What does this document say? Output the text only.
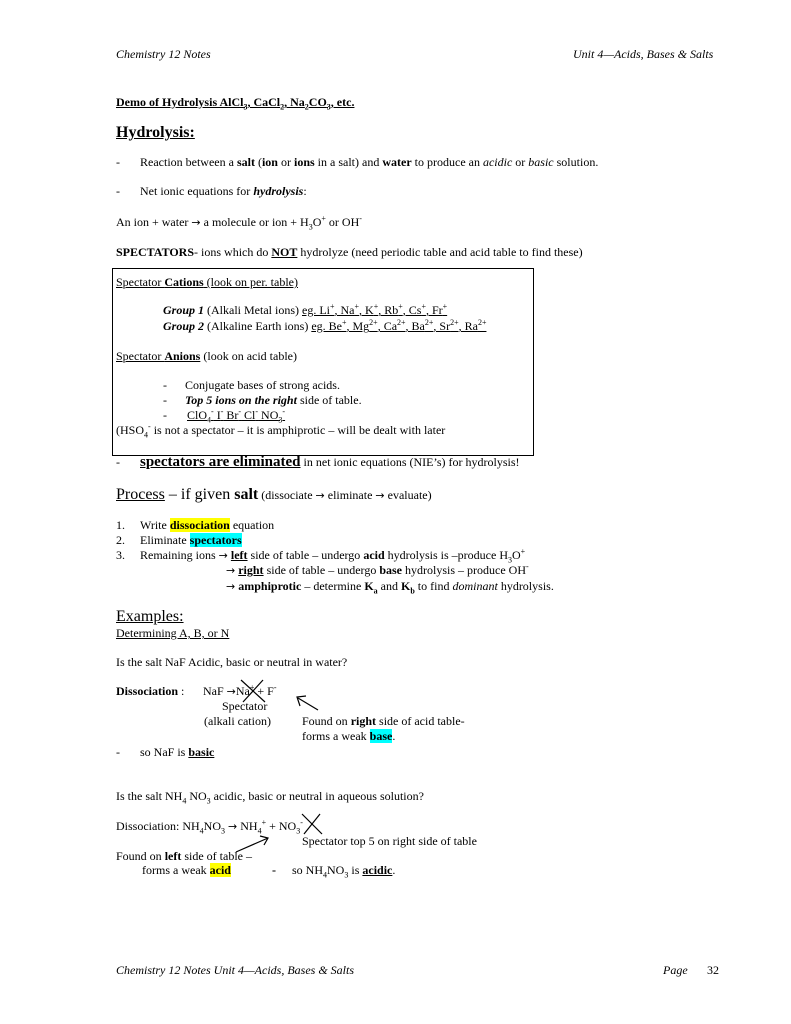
Chemistry 12 Notes	Unit 4—Acids, Bases & Salts
Demo of Hydrolysis AlCl$_3$, CaCl$_2$, $Na_2CO_3$, etc.
Hydrolysis:
- Reaction between a salt (ion or ions in a salt) and water to produce an acidic or basic solution.
- Net ionic equations for hydrolysis:
An ion + water → a molecule or ion + $H_3O^+$ or OH-
SPECTATORS- ions which do NOT hydrolyze (need periodic table and acid table to find these)
Spectator Cations (look on per. table)
Group 1 (Alkali Metal ions) eg. Li+, Na+, K+, Rb+, Cs+, Fr+
Group 2 (Alkaline Earth ions) eg. Be+, $Mg^{2+}$, $Ca^{2+}$, $Ba^{2+}$, $Sr^{2+}$, $Ra^{2+}$
Spectator Anions (look on acid table)
- Conjugate bases of strong acids.
- Top 5 ions on the right side of table.
- ClO$_4$- I- Br- Cl- $NO_3^-$
($HSO_4^-$ is not a spectator – it is amphiprotic – will be dealt with later
- spectators are eliminated in net ionic equations (NIE’s) for hydrolysis!
Process – if given salt (dissociate → eliminate → evaluate)
1. Write dissociation equation
2. Eliminate spectators
3. Remaining ions → left side of table – undergo acid hydrolysis is –produce $H_3O^+$
→ right side of table – undergo base hydrolysis – produce OH-
→ amphiprotic – determine $K_a$ and $K_b$ to find dominant hydrolysis.
Examples:
Determining A, B, or N
Is the salt NaF Acidic, basic or neutral in water?
Dissociation : NaF →Na+ + F-
Spectator
(alkali cation)	Found on right side of acid table-
forms a weak base.
- so NaF is basic
Is the salt $NH_4$ $NO_3$ acidic, basic or neutral in aqueous solution?
Dissociation: $NH_4NO_3 \to NH_4^+ + NO_3^-$
Spectator top 5 on right side of table
Found on left side of table –
forms a weak acid	- so $NH_4NO_3$ is acidic.
Chemistry 12 Notes Unit 4—Acids, Bases & Salts	Page 32
